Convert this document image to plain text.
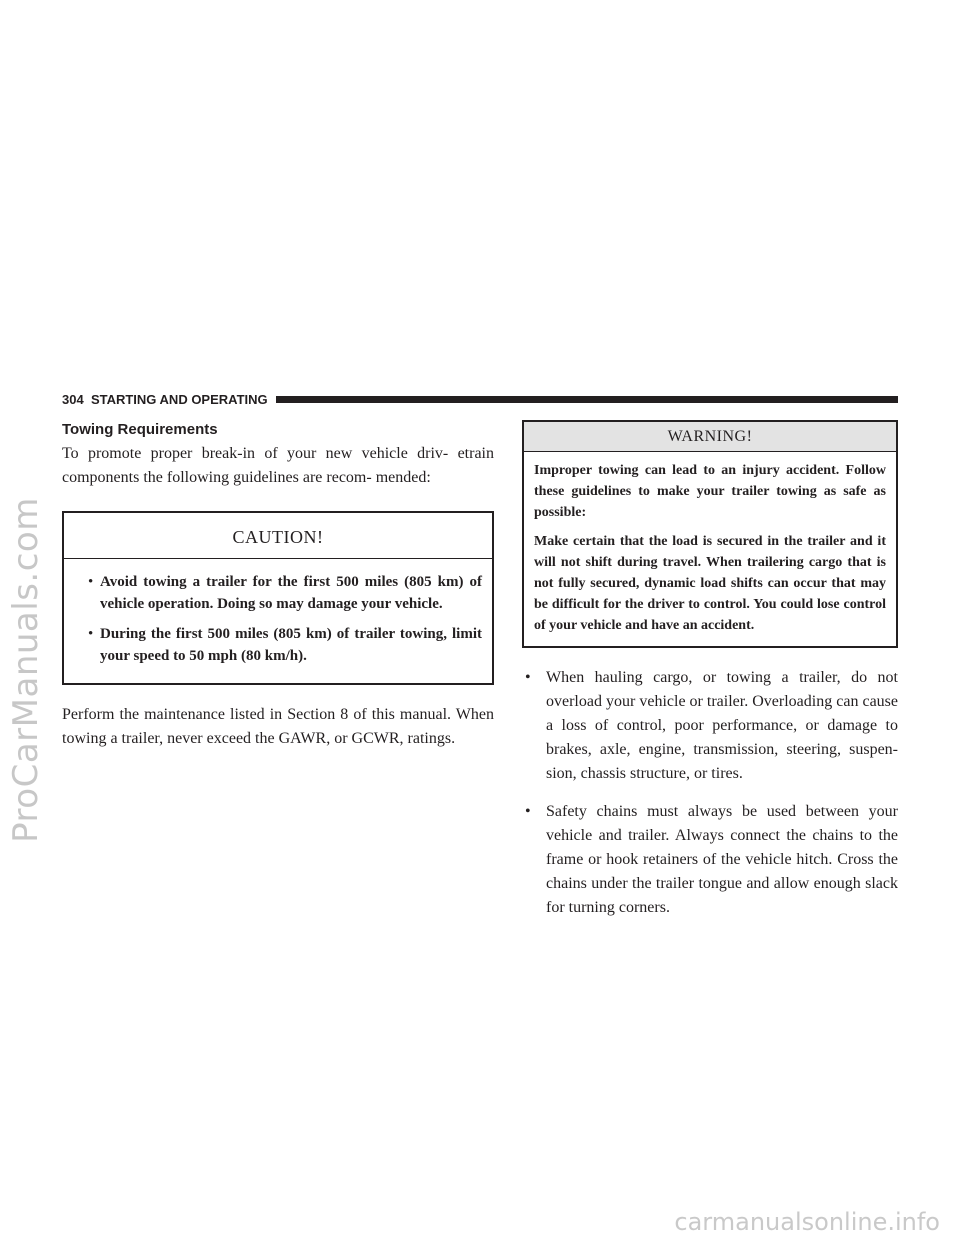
ProCarManuals.com
304 STARTING AND OPERATING
Towing Requirements

To promote proper break-in of your new vehicle driv- etrain components the following guidelines are recom- mended:

CAUTION!
• Avoid towing a trailer for the first 500 miles (805 km) of vehicle operation. Doing so may damage your vehicle.
• During the first 500 miles (805 km) of trailer towing, limit your speed to 50 mph (80 km/h).

Perform the maintenance listed in Section 8 of this manual. When towing a trailer, never exceed the GAWR, or GCWR, ratings.

WARNING!

Improper towing can lead to an injury accident. Follow these guidelines to make your trailer towing as safe as possible:

Make certain that the load is secured in the trailer and it will not shift during travel. When trailering cargo that is not fully secured, dynamic load shifts can occur that may be difficult for the driver to control. You could lose control of your vehicle and have an accident.

• When hauling cargo, or towing a trailer, do not overload your vehicle or trailer. Overloading can cause a loss of control, poor performance, or damage to brakes, axle, engine, transmission, steering, suspen- sion, chassis structure, or tires.
• Safety chains must always be used between your vehicle and trailer. Always connect the chains to the frame or hook retainers of the vehicle hitch. Cross the chains under the trailer tongue and allow enough slack for turning corners.
carmanualsonline.info
